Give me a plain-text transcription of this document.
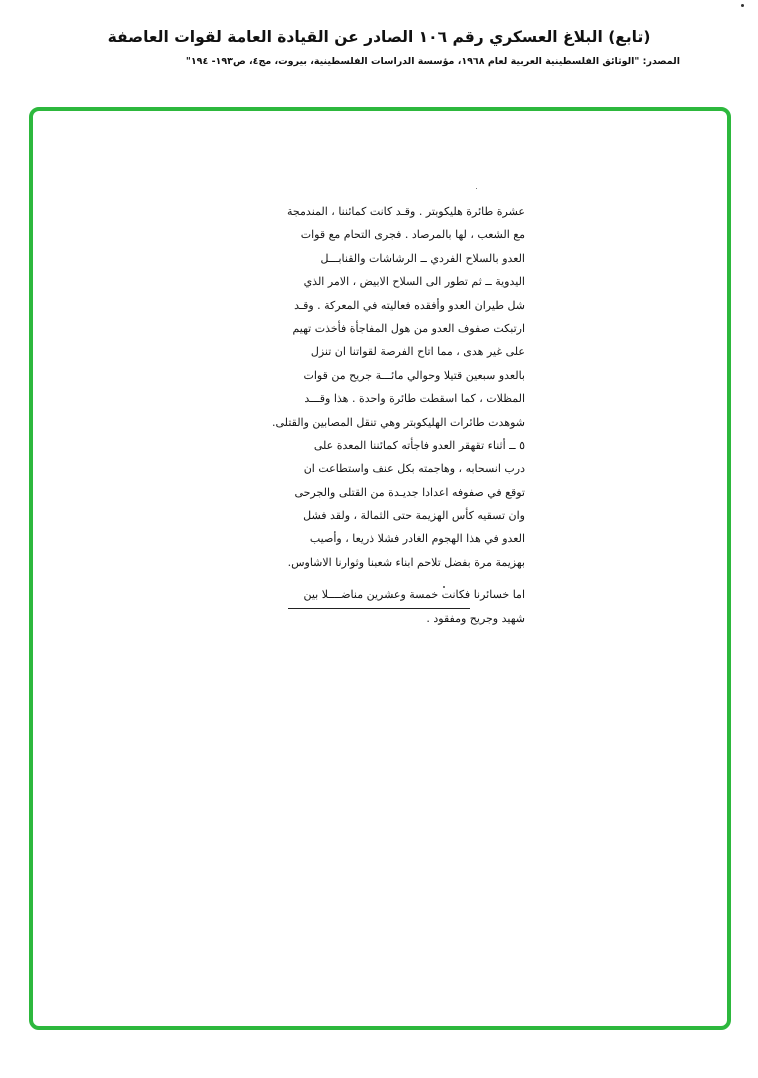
(تابع) البلاغ العسكري رقم ١٠٦ الصادر عن القيادة العامة لقوات العاصفة
المصدر: "الوثائق الفلسطينية العربية لعام ١٩٦٨، مؤسسة الدراسات الفلسطينية، بيروت، مج٤، ص١٩٣- ١٩٤"
عشرة طائرة هليكوبتر . وقـد كانت كمائننا ، المندمجة
مع الشعب ، لها بالمرصاد . فجرى التحام مع قوات
العدو بالسلاح الفردي ــ الرشاشات والقنابـــل
اليدوية ــ ثم تطور الى السلاح الابيض ، الامر الذي
شل طيران العدو وأفقده فعاليته في المعركة . وقـد
ارتبكت صفوف العدو من هول المفاجأة فأخذت تهيم
على غير هدى ، مما اتاح الفرصة لقواتنا ان تنزل
بالعدو سبعين قتيلا وحوالي مائـــة جريح من قوات
المظلات ، كما اسقطت طائرة واحدة . هذا وقـــد
شوهدت طائرات الهليكوبتر وهي تنقل المصابين والقتلى.
٥ ــ أثناء تقهقر العدو فاجأته كمائننا المعدة على
درب انسحابه ، وهاجمته بكل عنف واستطاعت ان
توقع في صفوفه اعدادا جديـدة من القتلى والجرحى
وان تسقيه كأس الهزيمة حتى الثمالة ، ولقد فشل
العدو في هذا الهجوم الغادر فشلا ذريعا ، وأصيب
بهزيمة مرة بفضل تلاحم ابناء شعبنا وثوارنا الاشاوس.
اما خسائرنا فكانت خمسة وعشرين مناضــــلا بين
شهيد وجريح ومفقود .
